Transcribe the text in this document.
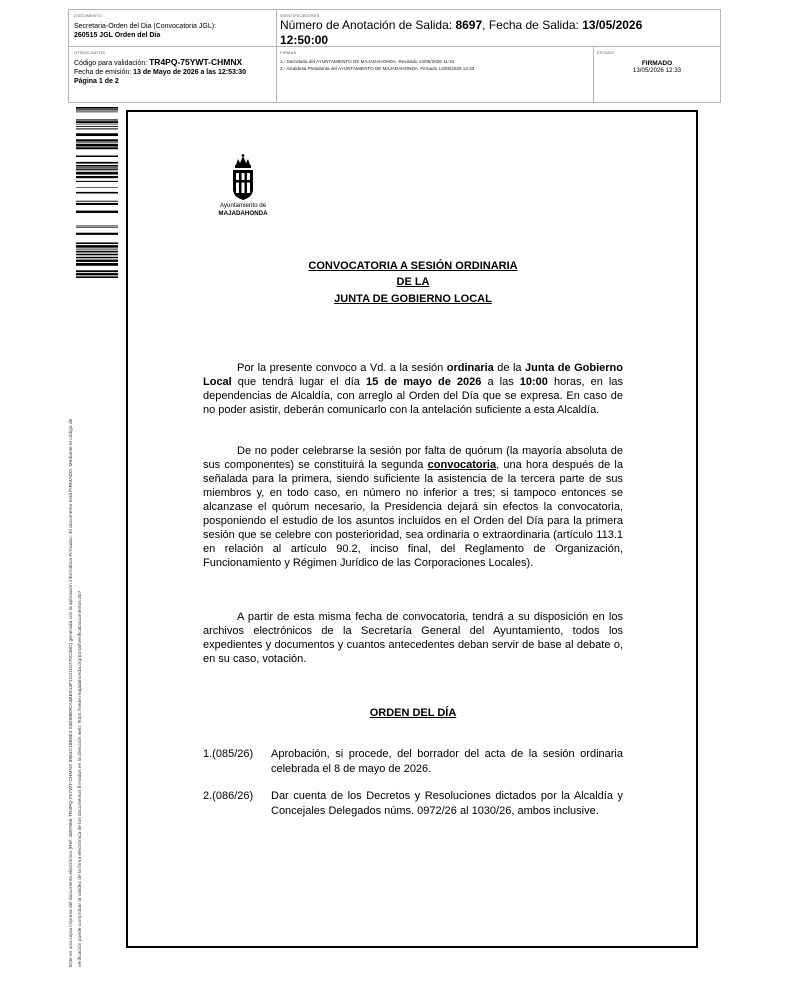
DOCUMENTO
Secretaria-Orden del Dia (Convocatoria JGL):
260515 JGL Orden del Día
IDENTIFICADORES
Número de Anotación de Salida: 8697, Fecha de Salida: 13/05/2026
12:50:00
OTROS DATOS
Código para validación: TR4PQ-75YWT-CHMNX
Fecha de emisión: 13 de Mayo de 2026 a las 12:53:30
Página 1 de 2
FIRMAS
1.- Secretaria del AYUNTAMIENTO DE MAJADAHONDA. Revisado 13/05/2026 11:34
2.- Alcaldesa Presidenta del AYUNTAMIENTO DE MAJADAHONDA. Firmado 13/05/2026 12:33
ESTADO
FIRMADO
13/05/2026 12:33
Este es una copia impresa del documento electrónico (Ref: 4897866 TR4PQ-75YWT-CHMNX 8984C18B0E4 03E98B9CA3BE913F1C0110770C38C) generada con la aplicación informática Firmadoc. El documento está FIRMADO. Mediante el código de verificación puede comprobar la validez de la firma electrónica de los documentos firmados en la dirección web: https://sede.majadahonda.org/portal/VerificaDocumentos.do?
Ayuntamiento de
MAJADAHONDA
CONVOCATORIA A SESIÓN ORDINARIA
DE LA
JUNTA DE GOBIERNO LOCAL
Por la presente convoco a Vd. a la sesión ordinaria de la Junta de Gobierno Local que tendrá lugar el día 15 de mayo de 2026 a las 10:00 horas, en las dependencias de Alcaldía, con arreglo al Orden del Día que se expresa. En caso de no poder asistir, deberán comunicarlo con la antelación suficiente a esta Alcaldía.
De no poder celebrarse la sesión por falta de quórum (la mayoría absoluta de sus componentes) se constituirá la segunda convocatoria, una hora después de la señalada para la primera, siendo suficiente la asistencia de la tercera parte de sus miembros y, en todo caso, en número no inferior a tres; si tampoco entonces se alcanzase el quórum necesario, la Presidencia dejará sin efectos la convocatoria, posponiendo el estudio de los asuntos incluidos en el Orden del Día para la primera sesión que se celebre con posterioridad, sea ordinaria o extraordinaria (artículo 113.1 en relación al artículo 90.2, inciso final, del Reglamento de Organización, Funcionamiento y Régimen Jurídico de las Corporaciones Locales).
A partir de esta misma fecha de convocatoria, tendrá a su disposición en los archivos electrónicos de la Secretaría General del Ayuntamiento, todos los expedientes y documentos y cuantos antecedentes deban servir de base al debate o, en su caso, votación.
ORDEN DEL DÍA
1.(085/26) Aprobación, si procede, del borrador del acta de la sesión ordinaria celebrada el 8 de mayo de 2026.
2.(086/26) Dar cuenta de los Decretos y Resoluciones dictados por la Alcaldía y Concejales Delegados núms. 0972/26 al 1030/26, ambos inclusive.
